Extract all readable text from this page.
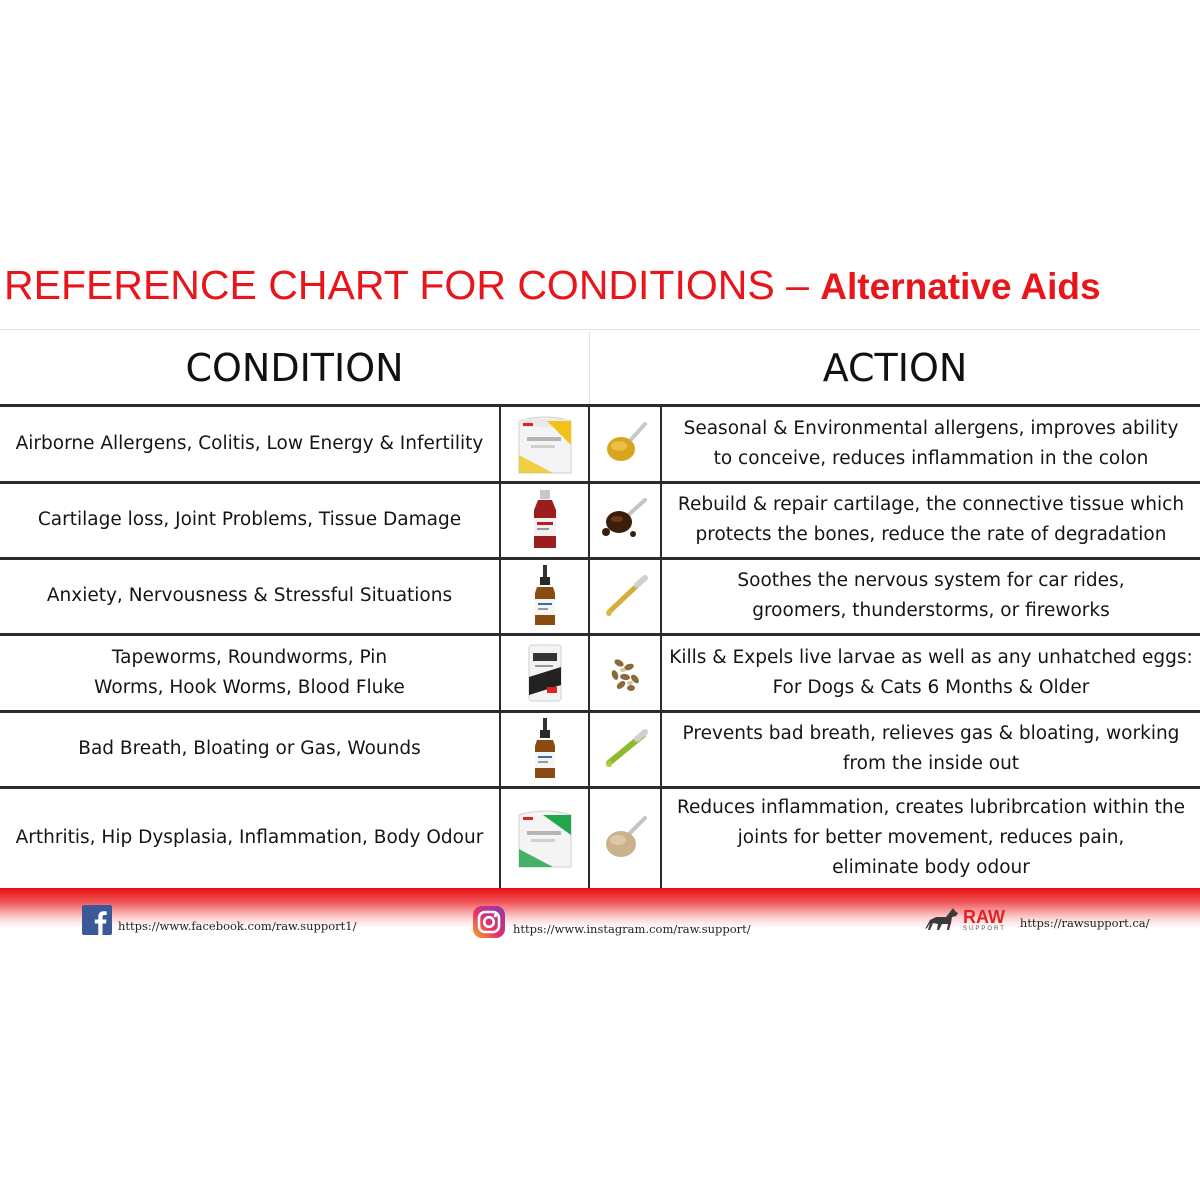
REFERENCE CHART FOR CONDITIONS – Alternative Aids
CONDITION	ACTION
Airborne Allergens, Colitis, Low Energy & Infertility
Seasonal & Environmental allergens, improves ability
to conceive, reduces inflammation in the colon
Cartilage loss, Joint Problems, Tissue Damage
Rebuild & repair cartilage, the connective tissue which
protects the bones, reduce the rate of degradation
Anxiety, Nervousness & Stressful Situations
Soothes the nervous system for car rides,
groomers, thunderstorms, or fireworks
Tapeworms, Roundworms, Pin
Worms, Hook Worms, Blood Fluke
Kills & Expels live larvae as well as any unhatched eggs:
For Dogs & Cats 6 Months & Older
Bad Breath, Bloating or Gas, Wounds
Prevents bad breath, relieves gas & bloating, working
from the inside out
Arthritis, Hip Dysplasia, Inflammation, Body Odour
Reduces inflammation, creates lubribrcation within the
joints for better movement, reduces pain,
eliminate body odour
https://www.facebook.com/raw.support1/	https://www.instagram.com/raw.support/
RAW
SUPPORT https://rawsupport.ca/
